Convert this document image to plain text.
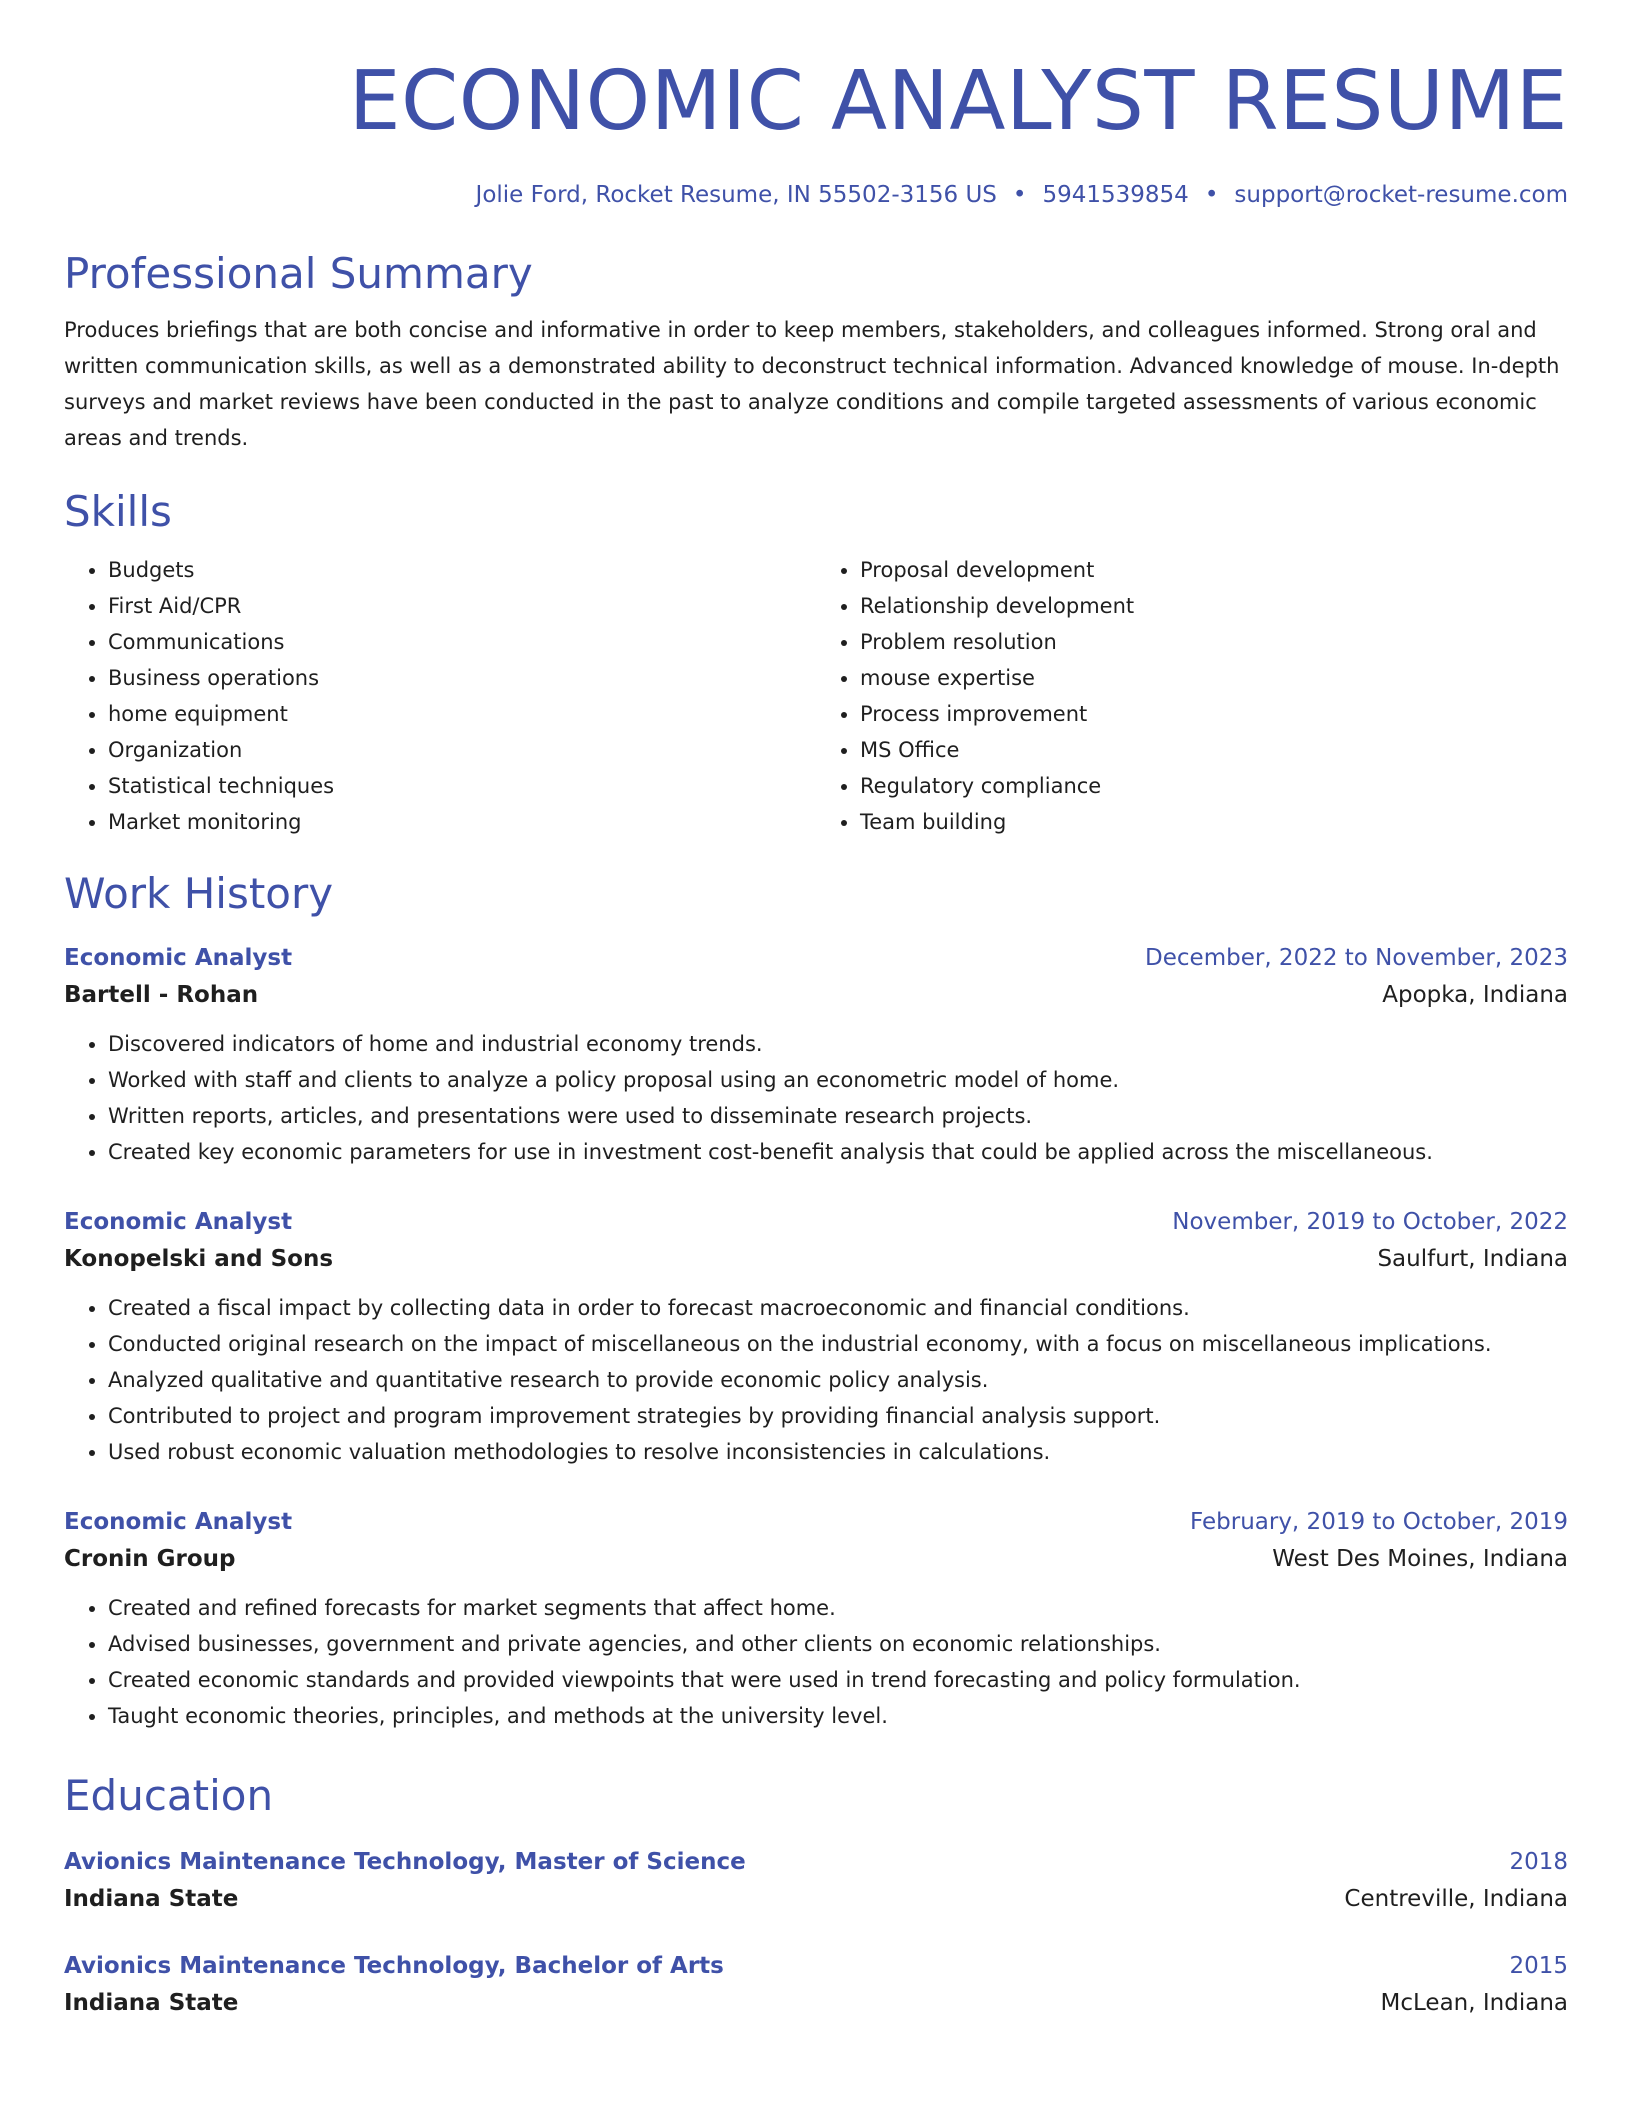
ECONOMIC ANALYST RESUME
Jolie Ford, Rocket Resume, IN 55502-3156 US • 5941539854 • support@rocket-resume.com
Professional Summary

Produces briefings that are both concise and informative in order to keep members, stakeholders, and colleagues informed. Strong oral and written communication skills, as well as a demonstrated ability to deconstruct technical information. Advanced knowledge of mouse. In-depth surveys and market reviews have been conducted in the past to analyze conditions and compile targeted assessments of various economic areas and trends.

Skills
• Budgets
• First Aid/CPR
• Communications
• Business operations
• home equipment
• Organization
• Statistical techniques
• Market monitoring
• Proposal development
• Relationship development
• Problem resolution
• mouse expertise
• Process improvement
• MS Office
• Regulatory compliance
• Team building
Work History
Economic Analyst	December, 2022 to November, 2023
Bartell - Rohan	Apopka, Indiana
• Discovered indicators of home and industrial economy trends.
• Worked with staff and clients to analyze a policy proposal using an econometric model of home.
• Written reports, articles, and presentations were used to disseminate research projects.
• Created key economic parameters for use in investment cost-benefit analysis that could be applied across the miscellaneous.
Economic Analyst	November, 2019 to October, 2022
Konopelski and Sons	Saulfurt, Indiana
• Created a fiscal impact by collecting data in order to forecast macroeconomic and financial conditions.
• Conducted original research on the impact of miscellaneous on the industrial economy, with a focus on miscellaneous implications.
• Analyzed qualitative and quantitative research to provide economic policy analysis.
• Contributed to project and program improvement strategies by providing financial analysis support.
• Used robust economic valuation methodologies to resolve inconsistencies in calculations.
Economic Analyst	February, 2019 to October, 2019
Cronin Group	West Des Moines, Indiana
• Created and refined forecasts for market segments that affect home.
• Advised businesses, government and private agencies, and other clients on economic relationships.
• Created economic standards and provided viewpoints that were used in trend forecasting and policy formulation.
• Taught economic theories, principles, and methods at the university level.
Education
Avionics Maintenance Technology, Master of Science	2018
Indiana State	Centreville, Indiana
Avionics Maintenance Technology, Bachelor of Arts	2015
Indiana State	McLean, Indiana
